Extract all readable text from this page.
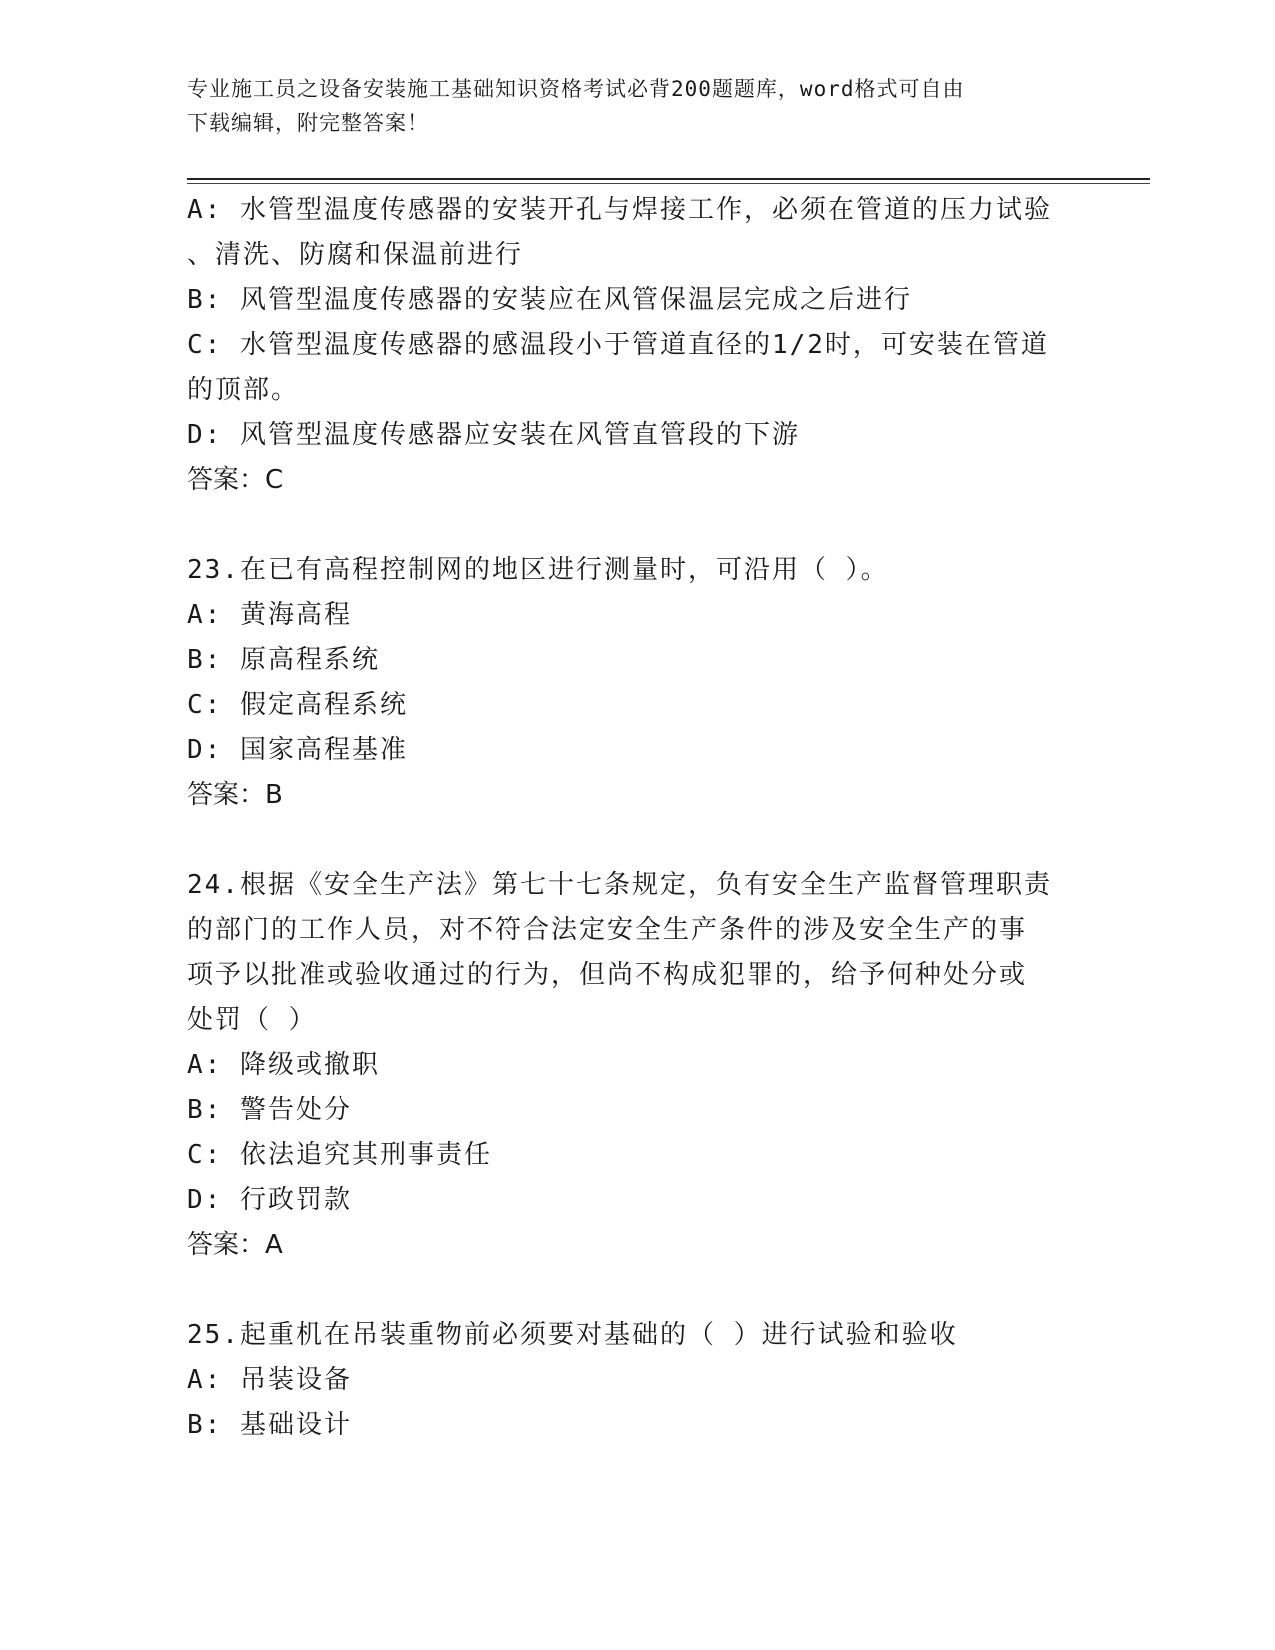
专业施工员之设备安装施工基础知识资格考试必背200题题库，word格式可自由
下载编辑，附完整答案！
A: 水管型温度传感器的安装开孔与焊接工作，必须在管道的压力试验
、清洗、防腐和保温前进行
B: 风管型温度传感器的安装应在风管保温层完成之后进行
C: 水管型温度传感器的感温段小于管道直径的1/2时，可安装在管道
的顶部。
D: 风管型温度传感器应安装在风管直管段的下游
答案：C
23.在已有高程控制网的地区进行测量时，可沿用（ ）。
A: 黄海高程
B: 原高程系统
C: 假定高程系统
D: 国家高程基准
答案：B
24.根据《安全生产法》第七十七条规定，负有安全生产监督管理职责
的部门的工作人员，对不符合法定安全生产条件的涉及安全生产的事
项予以批准或验收通过的行为，但尚不构成犯罪的，给予何种处分或
处罚（ ）
A: 降级或撤职
B: 警告处分
C: 依法追究其刑事责任
D: 行政罚款
答案：A
25.起重机在吊装重物前必须要对基础的（ ）进行试验和验收
A: 吊装设备
B: 基础设计
